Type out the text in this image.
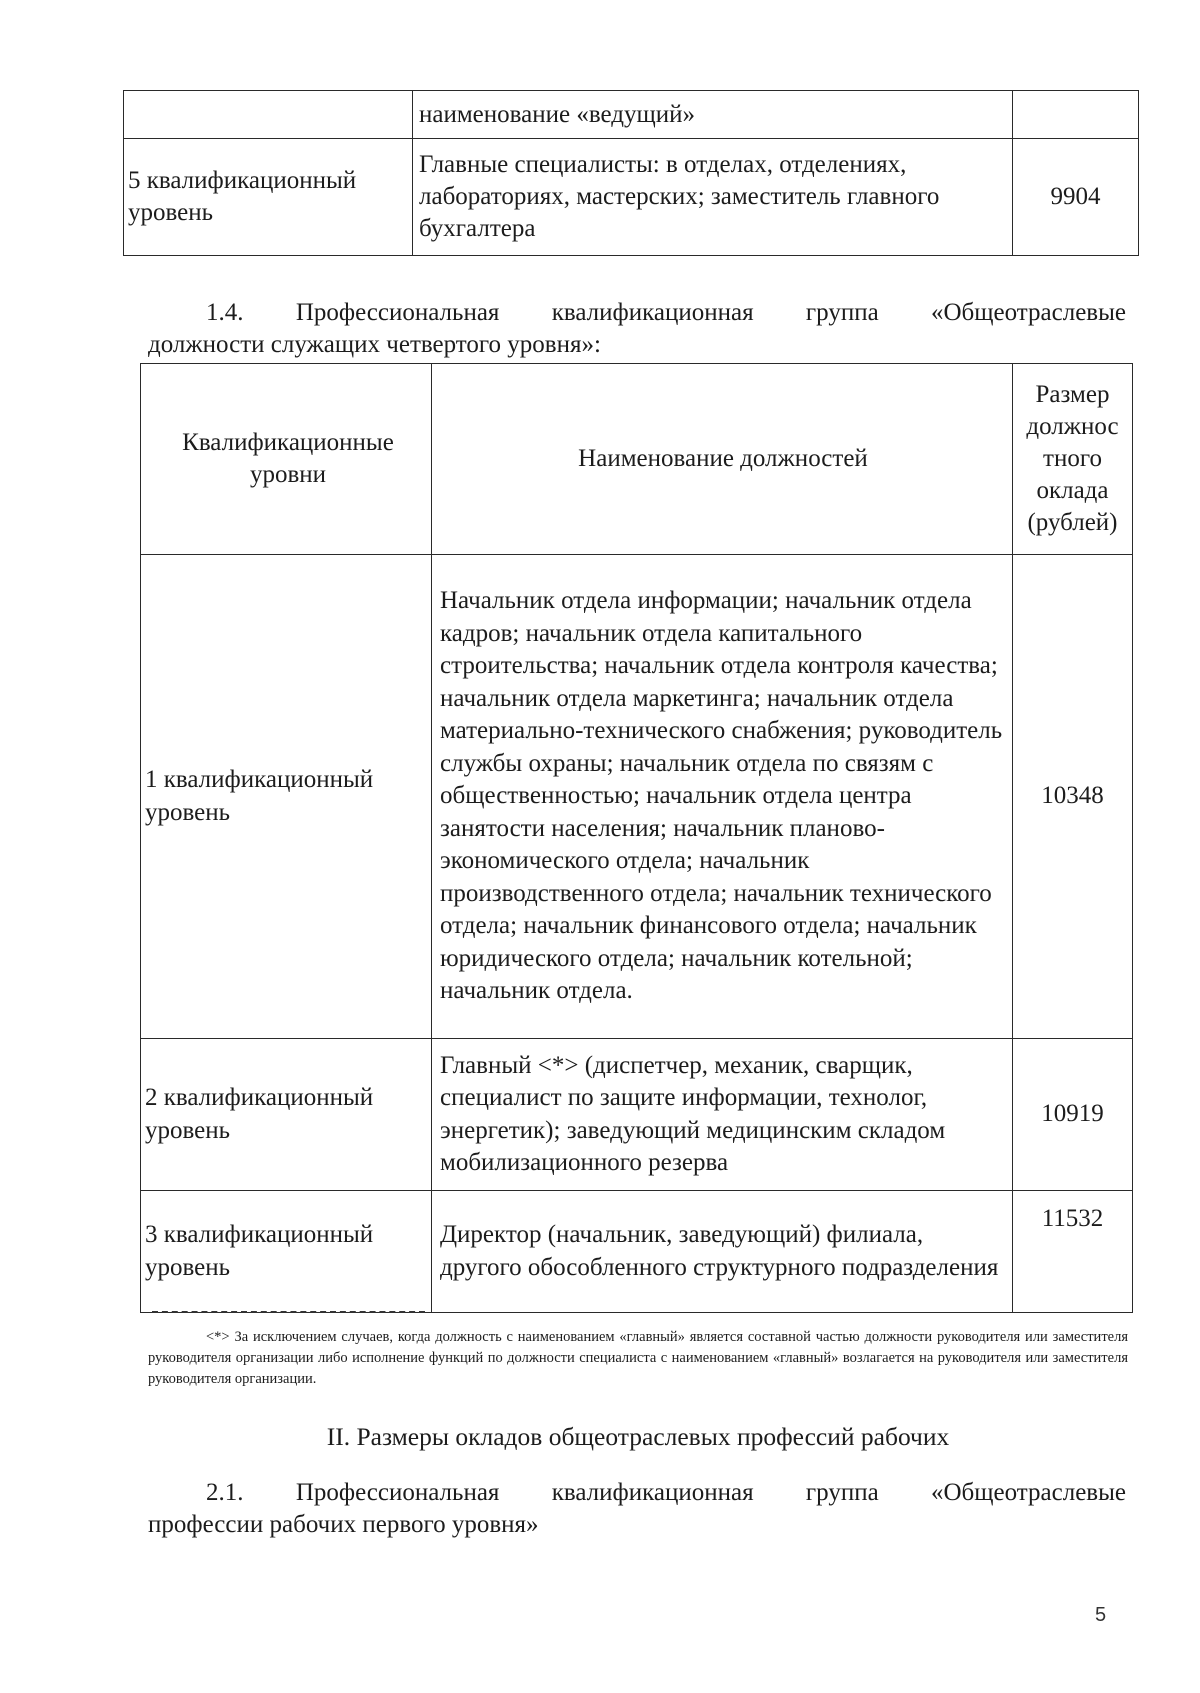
	наименование «ведущий»	
5 квалификационный уровень	Главные специалисты: в отделах, отделениях, лабораториях, мастерских; заместитель главного бухгалтера	9904
1.4. Профессиональная квалификационная группа «Общеотраслевые
должности служащих четвертого уровня»:
Квалификационные уровни	Наименование должностей	Размер должнос тного оклада (рублей)
1 квалификационный уровень	Начальник отдела информации; начальник отдела кадров; начальник отдела капитального строительства; начальник отдела контроля качества; начальник отдела маркетинга; начальник отдела материально-технического снабжения; руководитель службы охраны; начальник отдела по связям с общественностью; начальник отдела центра занятости населения; начальник планово-экономического отдела; начальник производственного отдела; начальник технического отдела; начальник финансового отдела; начальник юридического отдела; начальник котельной; начальник отдела.	10348
2 квалификационный уровень	Главный <*> (диспетчер, механик, сварщик, специалист по защите информации, технолог, энергетик); заведующий медицинским складом мобилизационного резерва	10919
3 квалификационный уровень	Директор (начальник, заведующий) филиала, другого обособленного структурного подразделения	11532
<*> За исключением случаев, когда должность с наименованием «главный» является составной частью должности руководителя или заместителя руководителя организации либо исполнение функций по должности специалиста с наименованием «главный» возлагается на руководителя или заместителя руководителя организации.
II. Размеры окладов общеотраслевых профессий рабочих
2.1. Профессиональная квалификационная группа «Общеотраслевые
профессии рабочих первого уровня»
5
